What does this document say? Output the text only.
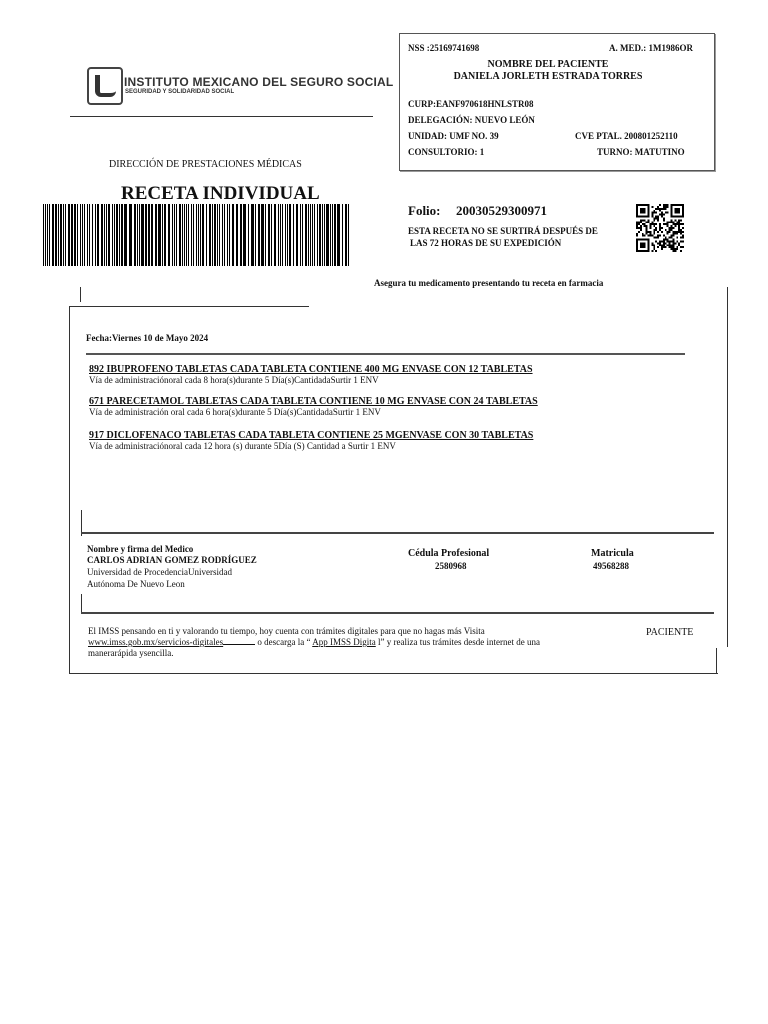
INSTITUTO MEXICANO DEL SEGURO SOCIAL
SEGURIDAD Y SOLIDARIDAD SOCIAL
DIRECCIÓN DE PRESTACIONES MÉDICAS
RECETA INDIVIDUAL
NSS :25169741698	A. MED.: 1M1986OR
NOMBRE DEL PACIENTE
DANIELA JORLETH ESTRADA TORRES
CURP:EANF970618HNLSTR08
DELEGACIÓN: NUEVO LEÓN
UNIDAD: UMF NO. 39	CVE PTAL. 200801252110
CONSULTORIO: 1	TURNO: MATUTINO
Folio: 20030529300971
ESTA RECETA NO SE SURTIRÁ DESPUÉS DE
LAS 72 HORAS DE SU EXPEDICIÓN
Asegura tu medicamento presentando tu receta en farmacia
Fecha:Viernes 10 de Mayo 2024
892 IBUPROFENO TABLETAS CADA TABLETA CONTIENE 400 MG ENVASE CON 12 TABLETAS
Vía de administraciónoral cada 8 hora(s)durante 5 Día(s)CantidadaSurtir 1 ENV
671 PARECETAMOL TABLETAS CADA TABLETA CONTIENE 10 MG ENVASE CON 24 TABLETAS
Vía de administración oral cada 6 hora(s)durante 5 Día(s)CantidadaSurtir 1 ENV
917 DICLOFENACO TABLETAS CADA TABLETA CONTIENE 25 MGENVASE CON 30 TABLETAS
Vía de administraciónoral cada 12 hora (s) durante 5Día (S) Cantidad a Surtir 1 ENV
Nombre y firma del Medico
CARLOS ADRIAN GOMEZ RODRÍGUEZ
Universidad de ProcedenciaUniversidad
Autónoma De Nuevo Leon
Cédula Profesional
2580968
Matricula
49568288
El IMSS pensando en ti y valorando tu tiempo, hoy cuenta con trámites digitales para que no hagas más Visita
www.imss.gob.mx/servicios-digitales	o descarga la “ App IMSS Digita l” y realiza tus trámites desde internet de una
manerarápida ysencilla.
PACIENTE
